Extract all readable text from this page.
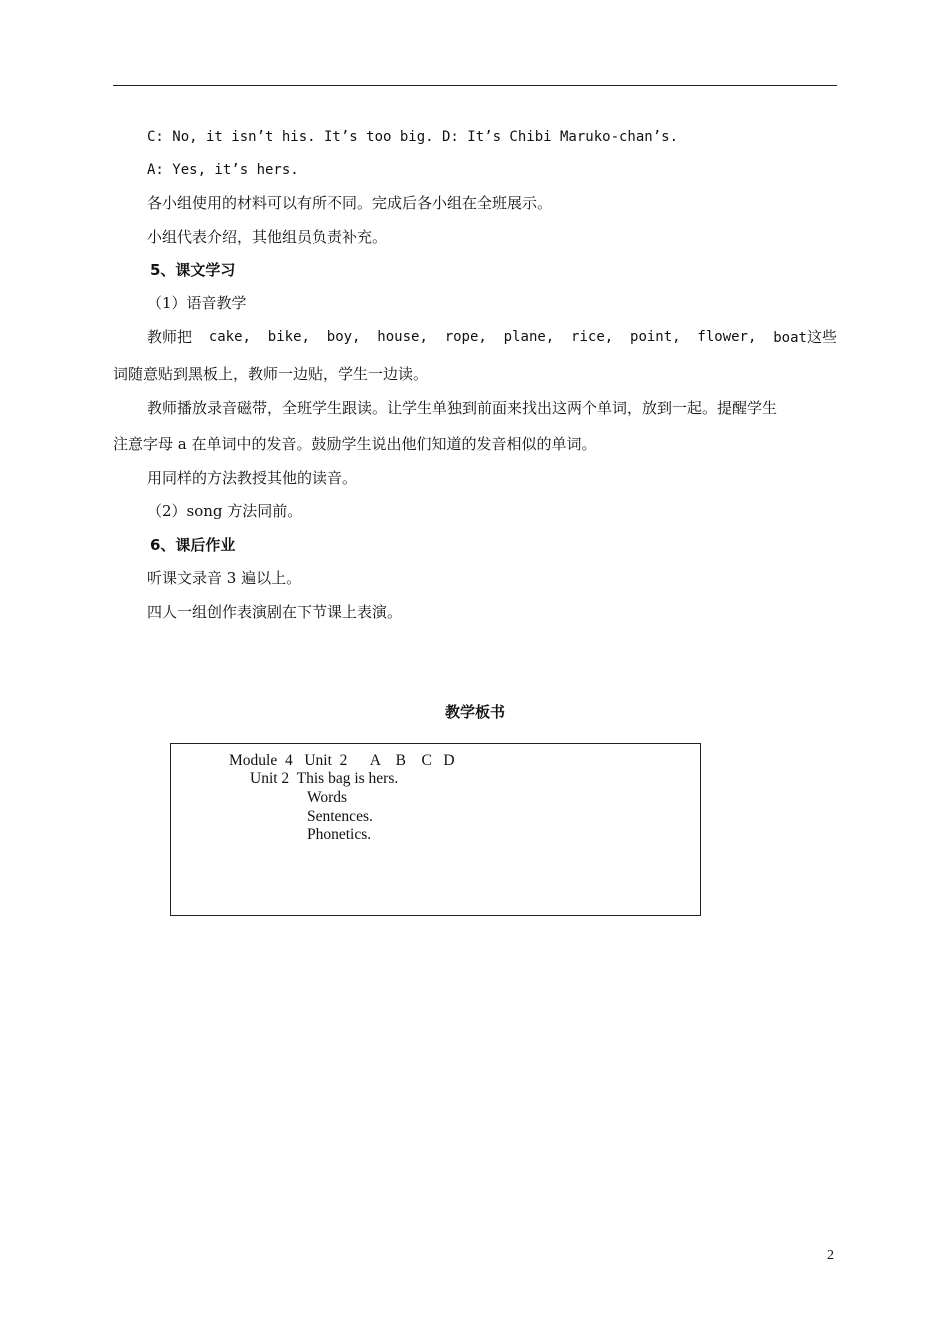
C: No, it isn’t his. It’s too big. D: It’s Chibi Maruko-chan’s.
A: Yes, it’s hers.
各小组使用的材料可以有所不同。完成后各小组在全班展示。
小组代表介绍，其他组员负责补充。
5、课文学习
（1）语音教学
教师把 cake, bike, boy, house, rope, plane, rice, point, flower, boat这些
词随意贴到黑板上，教师一边贴，学生一边读。
教师播放录音磁带，全班学生跟读。让学生单独到前面来找出这两个单词，放到一起。提醒学生
注意字母 a 在单词中的发音。鼓励学生说出他们知道的发音相似的单词。
用同样的方法教授其他的读音。
（2）song 方法同前。
6、课后作业
听课文录音 3 遍以上。
四人一组创作表演剧在下节课上表演。
教学板书
Module  4   Unit  2      A    B    C   D
Unit 2  This bag is hers.
Words
Sentences.
Phonetics.
2
